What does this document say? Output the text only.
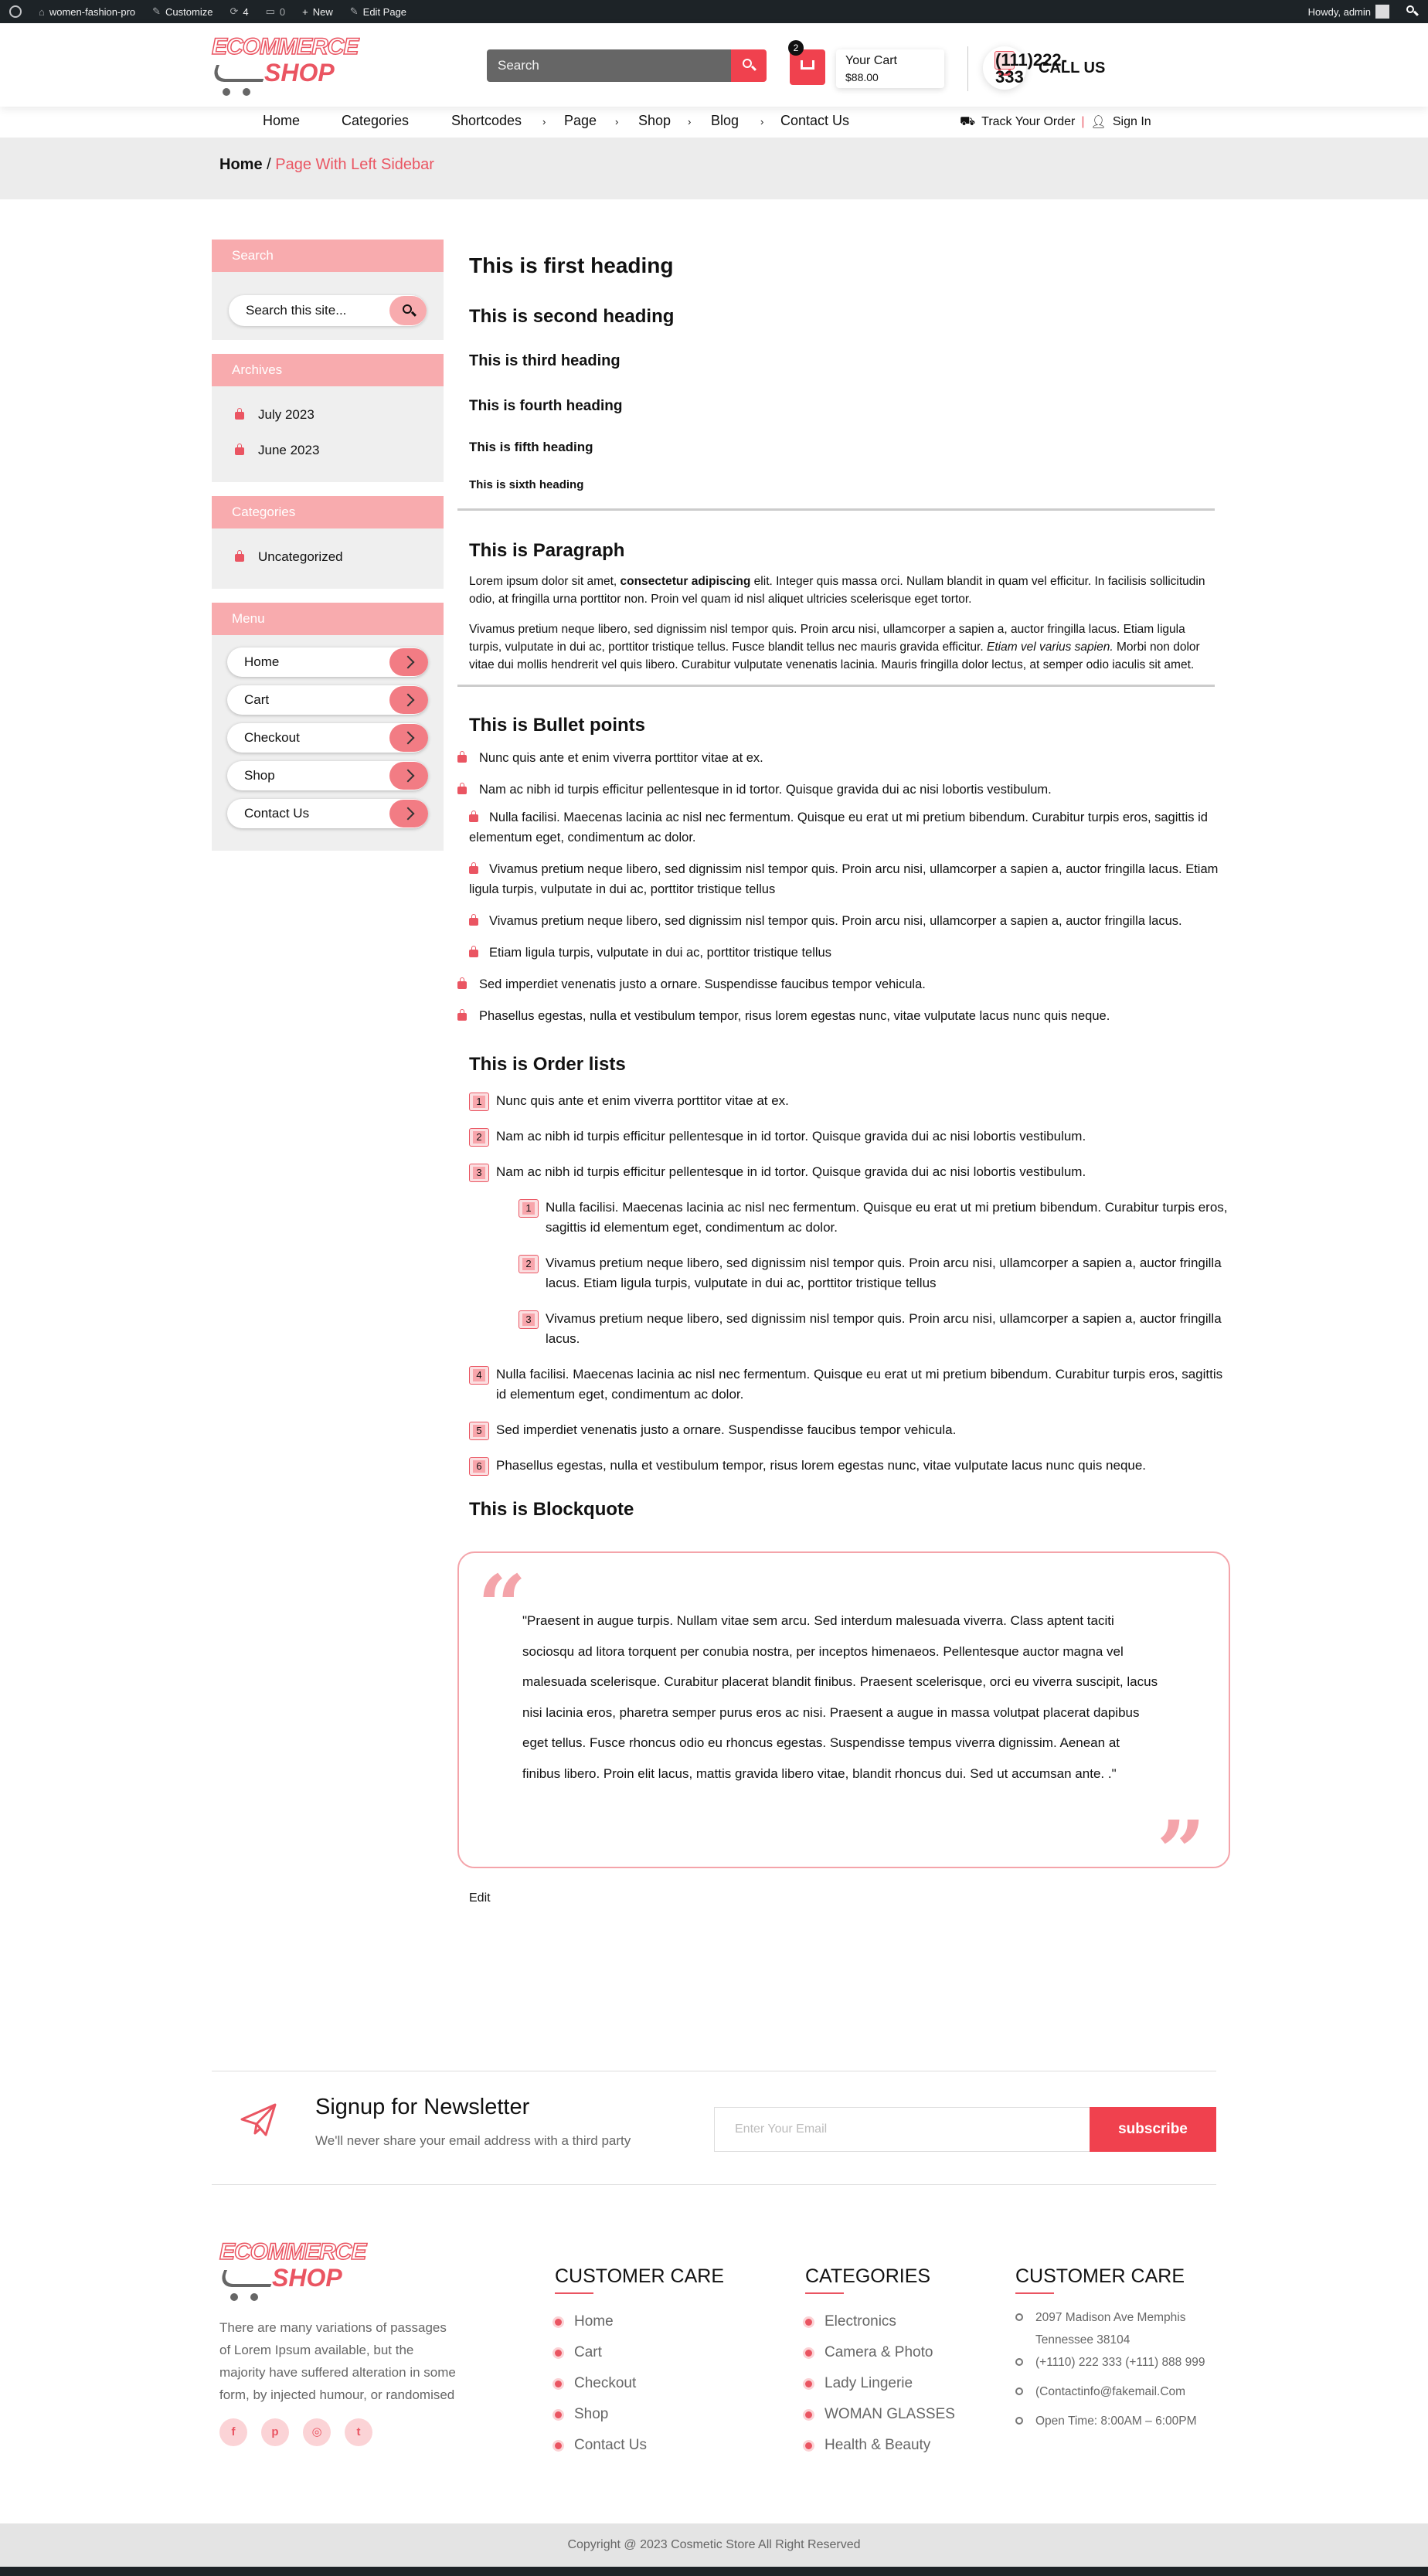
⌂ women-fashion-pro ✎ Customize ⟳ 4 ▭ 0 + New ✎ Edit Page	Howdy, admin
ECOMMERCE
SHOP
Search
2
Your Cart
$88.00
CALL US
(111)222-333
Home	Categories	Shortcodes › Page › Shop › Blog › Contact Us	⛟ Track Your Order | 👤︎ Sign In
Home / Page With Left Sidebar
Search
Search this site...
Archives
July 2023
June 2023
Categories
Uncategorized
Menu
Home
Cart
Checkout
Shop
Contact Us
This is first heading
This is second heading
This is third heading
This is fourth heading
This is fifth heading
This is sixth heading
This is Paragraph

Lorem ipsum dolor sit amet, consectetur adipiscing elit. Integer quis massa orci. Nullam blandit in quam vel efficitur. In facilisis sollicitudin odio, at fringilla urna porttitor non. Proin vel quam id nisl aliquet ultricies scelerisque eget tortor.

Vivamus pretium neque libero, sed dignissim nisl tempor quis. Proin arcu nisi, ullamcorper a sapien a, auctor fringilla lacus. Etiam ligula turpis, vulputate in dui ac, porttitor tristique tellus. Fusce blandit tellus nec mauris gravida efficitur. Etiam vel varius sapien. Morbi non dolor vitae dui mollis hendrerit vel quis libero. Curabitur vulputate venenatis lacinia. Mauris fringilla dolor lectus, at semper odio iaculis sit amet.

This is Bullet points
Nunc quis ante et enim viverra porttitor vitae at ex.
Nam ac nibh id turpis efficitur pellentesque in id tortor. Quisque gravida dui ac nisi lobortis vestibulum.
Nulla facilisi. Maecenas lacinia ac nisl nec fermentum. Quisque eu erat ut mi pretium bibendum. Curabitur turpis eros, sagittis id elementum eget, condimentum ac dolor.
Vivamus pretium neque libero, sed dignissim nisl tempor quis. Proin arcu nisi, ullamcorper a sapien a, auctor fringilla lacus. Etiam ligula turpis, vulputate in dui ac, porttitor tristique tellus
Vivamus pretium neque libero, sed dignissim nisl tempor quis. Proin arcu nisi, ullamcorper a sapien a, auctor fringilla lacus.
Etiam ligula turpis, vulputate in dui ac, porttitor tristique tellus
Sed imperdiet venenatis justo a ornare. Suspendisse faucibus tempor vehicula.
Phasellus egestas, nulla et vestibulum tempor, risus lorem egestas nunc, vitae vulputate lacus nunc quis neque.
This is Order lists
1	Nunc quis ante et enim viverra porttitor vitae at ex.
2	Nam ac nibh id turpis efficitur pellentesque in id tortor. Quisque gravida dui ac nisi lobortis vestibulum.
3	Nam ac nibh id turpis efficitur pellentesque in id tortor. Quisque gravida dui ac nisi lobortis vestibulum.
1	Nulla facilisi. Maecenas lacinia ac nisl nec fermentum. Quisque eu erat ut mi pretium bibendum. Curabitur turpis eros, sagittis id elementum eget, condimentum ac dolor.
2	Vivamus pretium neque libero, sed dignissim nisl tempor quis. Proin arcu nisi, ullamcorper a sapien a, auctor fringilla lacus. Etiam ligula turpis, vulputate in dui ac, porttitor tristique tellus
3	Vivamus pretium neque libero, sed dignissim nisl tempor quis. Proin arcu nisi, ullamcorper a sapien a, auctor fringilla lacus.
4	Nulla facilisi. Maecenas lacinia ac nisl nec fermentum. Quisque eu erat ut mi pretium bibendum. Curabitur turpis eros, sagittis id elementum eget, condimentum ac dolor.
5	Sed imperdiet venenatis justo a ornare. Suspendisse faucibus tempor vehicula.
6	Phasellus egestas, nulla et vestibulum tempor, risus lorem egestas nunc, vitae vulputate lacus nunc quis neque.
This is Blockquote
“
"Praesent in augue turpis. Nullam vitae sem arcu. Sed interdum malesuada viverra. Class aptent taciti sociosqu ad litora torquent per conubia nostra, per inceptos himenaeos. Pellentesque auctor magna vel malesuada scelerisque. Curabitur placerat blandit finibus. Praesent scelerisque, orci eu viverra suscipit, lacus nisi lacinia eros, pharetra semper purus eros ac nisi. Praesent a augue in massa volutpat placerat dapibus eget tellus. Fusce rhoncus odio eu rhoncus egestas. Suspendisse tempus viverra dignissim. Aenean at finibus libero. Proin elit lacus, mattis gravida libero vitae, blandit rhoncus dui. Sed ut accumsan ante. ."
”
Edit
Signup for Newsletter
We'll never share your email address with a third party
Enter Your Email	subscribe
ECOMMERCE
SHOP
There are many variations of passages of Lorem Ipsum available, but the majority have suffered alteration in some form, by injected humour, or randomised
f	p	◎	t
CUSTOMER CARE
Home
Cart
Checkout
Shop
Contact Us
CATEGORIES
Electronics
Camera & Photo
Lady Lingerie
WOMAN GLASSES
Health & Beauty
CUSTOMER CARE
2097 Madison Ave Memphis Tennessee 38104
(+1110) 222 333 (+111) 888 999
(Contactinfo@fakemail.Com
Open Time: 8:00AM – 6:00PM
Copyright @ 2023 Cosmetic Store All Right Reserved
